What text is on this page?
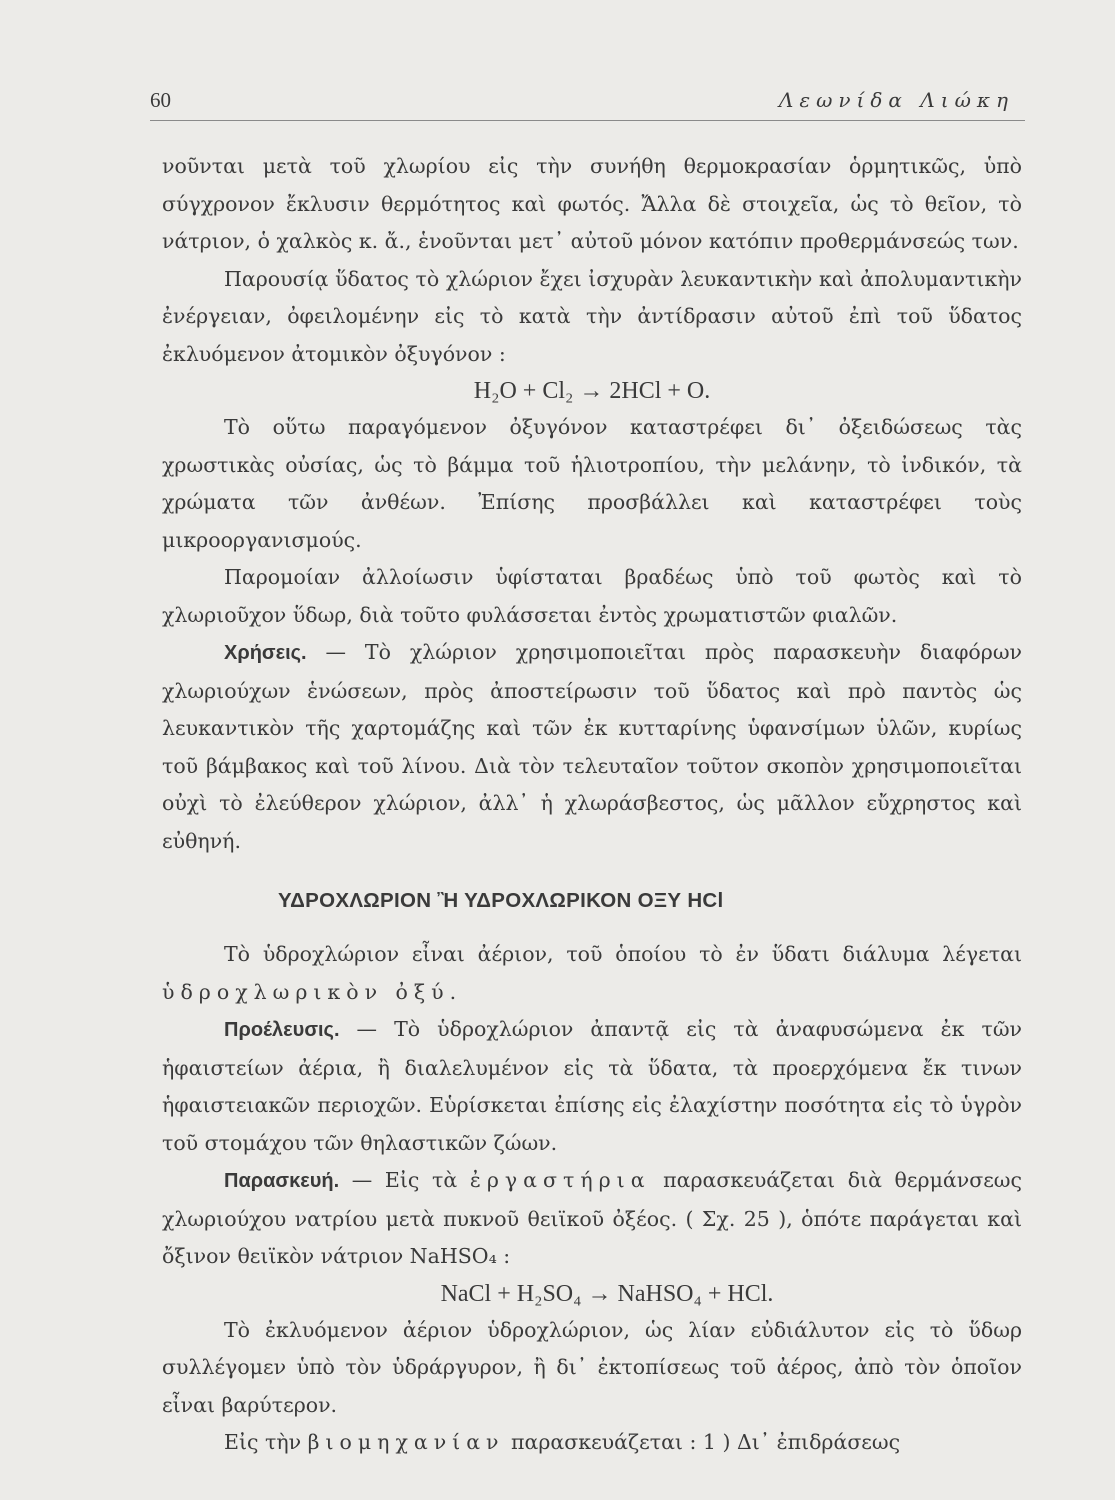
60	Λεωνίδα Λιώκη

νοῦνται μετὰ τοῦ χλωρίου εἰς τὴν συνήθη θερμοκρασίαν ὁρμητικῶς, ὑπὸ σύγχρονον ἔκλυσιν θερμότητος καὶ φωτός. Ἄλλα δὲ στοιχεῖα, ὡς τὸ θεῖον, τὸ νάτριον, ὁ χαλκὸς κ. ἄ., ἑνοῦνται μετ᾽ αὐτοῦ μόνον κατόπιν προθερμάνσεώς των.

Παρουσίᾳ ὕδατος τὸ χλώριον ἔχει ἰσχυρὰν λευκαντικὴν καὶ ἀπολυμαντικὴν ἐνέργειαν, ὀφειλομένην εἰς τὸ κατὰ τὴν ἀντίδρασιν αὐτοῦ ἐπὶ τοῦ ὕδατος ἐκλυόμενον ἀτομικὸν ὀξυγόνον :

H₂O + Cl₂ → 2HCl + O.

Τὸ οὕτω παραγόμενον ὀξυγόνον καταστρέφει δι᾽ ὀξειδώσεως τὰς χρωστικὰς οὐσίας, ὡς τὸ βάμμα τοῦ ἡλιοτροπίου, τὴν μελάνην, τὸ ἰνδικόν, τὰ χρώματα τῶν ἀνθέων. Ἐπίσης προσβάλλει καὶ καταστρέφει τοὺς μικροοργανισμούς.

Παρομοίαν ἀλλοίωσιν ὑφίσταται βραδέως ὑπὸ τοῦ φωτὸς καὶ τὸ χλωριοῦχον ὕδωρ, διὰ τοῦτο φυλάσσεται ἐντὸς χρωματιστῶν φιαλῶν.

Χρήσεις. — Τὸ χλώριον χρησιμοποιεῖται πρὸς παρασκευὴν διαφόρων χλωριούχων ἑνώσεων, πρὸς ἀποστείρωσιν τοῦ ὕδατος καὶ πρὸ παντὸς ὡς λευκαντικὸν τῆς χαρτομάζης καὶ τῶν ἐκ κυτταρίνης ὑφανσίμων ὑλῶν, κυρίως τοῦ βάμβακος καὶ τοῦ λίνου. Διὰ τὸν τελευταῖον τοῦτον σκοπὸν χρησιμοποιεῖται οὐχὶ τὸ ἐλεύθερον χλώριον, ἀλλ᾽ ἡ χλωράσβεστος, ὡς μᾶλλον εὔχρηστος καὶ εὐθηνή.

ΥΔΡΟΧΛΩΡΙΟΝ Ἢ ΥΔΡΟΧΛΩΡΙΚΟΝ ΟΞΥ HCl

Τὸ ὑδροχλώριον εἶναι ἀέριον, τοῦ ὁποίου τὸ ἐν ὕδατι διάλυμα λέγεται ὑδροχλωρικὸν ὀξύ.

Προέλευσις. — Τὸ ὑδροχλώριον ἀπαντᾷ εἰς τὰ ἀναφυσώμενα ἐκ τῶν ἡφαιστείων ἀέρια, ἢ διαλελυμένον εἰς τὰ ὕδατα, τὰ προερχόμενα ἔκ τινων ἡφαιστειακῶν περιοχῶν. Εὑρίσκεται ἐπίσης εἰς ἐλαχίστην ποσότητα εἰς τὸ ὑγρὸν τοῦ στομάχου τῶν θηλαστικῶν ζώων.

Παρασκευή. — Εἰς τὰ ἐργαστήρια παρασκευάζεται διὰ θερμάνσεως χλωριούχου νατρίου μετὰ πυκνοῦ θειϊκοῦ ὀξέος. ( Σχ. 25 ), ὁπότε παράγεται καὶ ὄξινον θειϊκὸν νάτριον NaHSO₄ :

NaCl + H₂SO₄ → NaHSO₄ + HCl.

Τὸ ἐκλυόμενον ἀέριον ὑδροχλώριον, ὡς λίαν εὐδιάλυτον εἰς τὸ ὕδωρ συλλέγομεν ὑπὸ τὸν ὑδράργυρον, ἢ δι᾽ ἐκτοπίσεως τοῦ ἀέρος, ἀπὸ τὸν ὁποῖον εἶναι βαρύτερον.

Εἰς τὴν βιομηχανίαν παρασκευάζεται : 1 ) Δι᾽ ἐπιδράσεως
